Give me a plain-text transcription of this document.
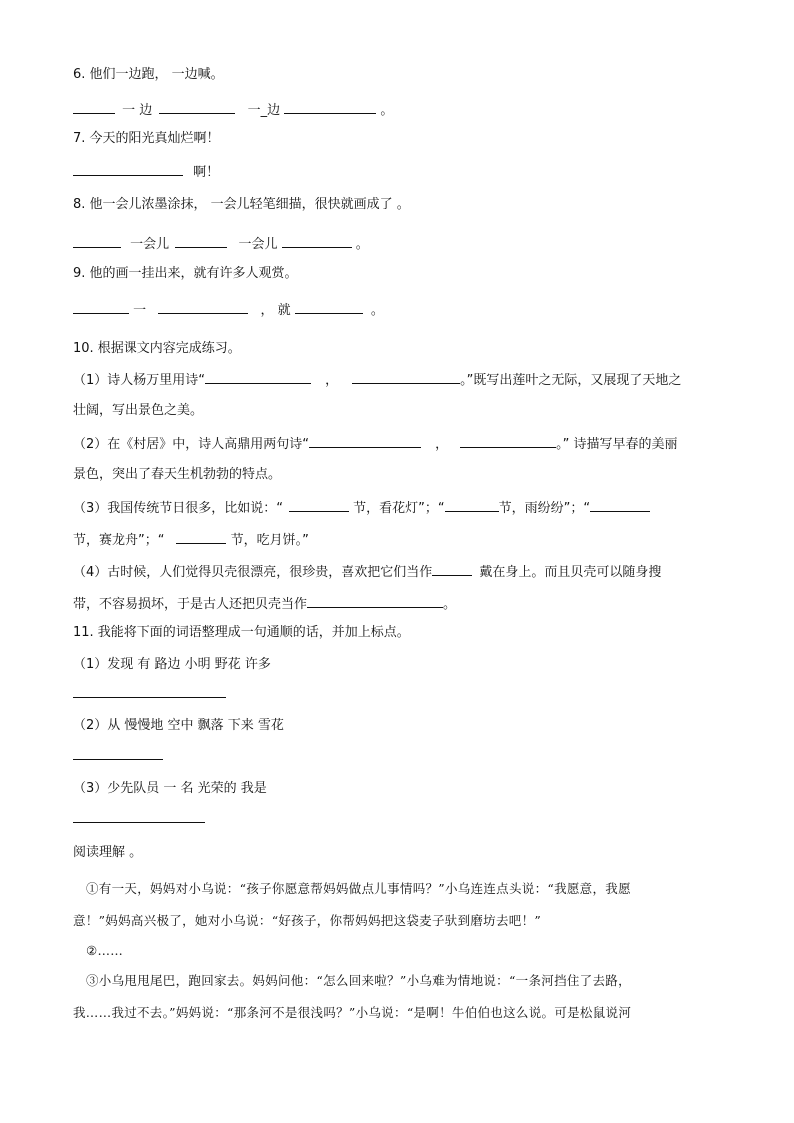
6. 他们一边跑， 一边喊。
一 边	一_边	。
7. 今天的阳光真灿烂啊！
啊！
8. 他一会儿浓墨涂抹， 一会儿轻笔细描，很快就画成了 。
一会儿	一会儿	。
9. 他的画一挂出来，就有许多人观赏。
一	， 就	。
10. 根据课文内容完成练习。
（1）诗人杨万里用诗“	，	。”既写出莲叶之无际，又展现了天地之
壮阔，写出景色之美。
（2）在《村居》中，诗人高鼎用两句诗“	，	。” 诗描写早春的美丽
景色，突出了春天生机勃勃的特点。
（3）我国传统节日很多，比如说：“	节，看花灯”；“	节，雨纷纷”；“
节，赛龙舟”；“	节，吃月饼。”
（4）古时候，人们觉得贝壳很漂亮，很珍贵，喜欢把它们当作	戴在身上。而且贝壳可以随身搜
带，不容易损坏，于是古人还把贝壳当作	。
11. 我能将下面的词语整理成一句通顺的话，并加上标点。
（1）发现 有 路边 小明 野花 许多
（2）从 慢慢地 空中 飘落 下来 雪花
（3）少先队员 一 名 光荣的 我是
阅读理解 。
①有一天，妈妈对小乌说：“孩子你愿意帮妈妈做点儿事情吗？”小乌连连点头说：“我愿意，我愿
意！”妈妈高兴极了，她对小乌说：“好孩子，你帮妈妈把这袋麦子驮到磨坊去吧！”
②……
③小乌甩甩尾巴，跑回家去。妈妈问他：“怎么回来啦？”小乌难为情地说：“一条河挡住了去路，
我……我过不去。”妈妈说：“那条河不是很浅吗？”小乌说：“是啊！牛伯伯也这么说。可是松鼠说河
